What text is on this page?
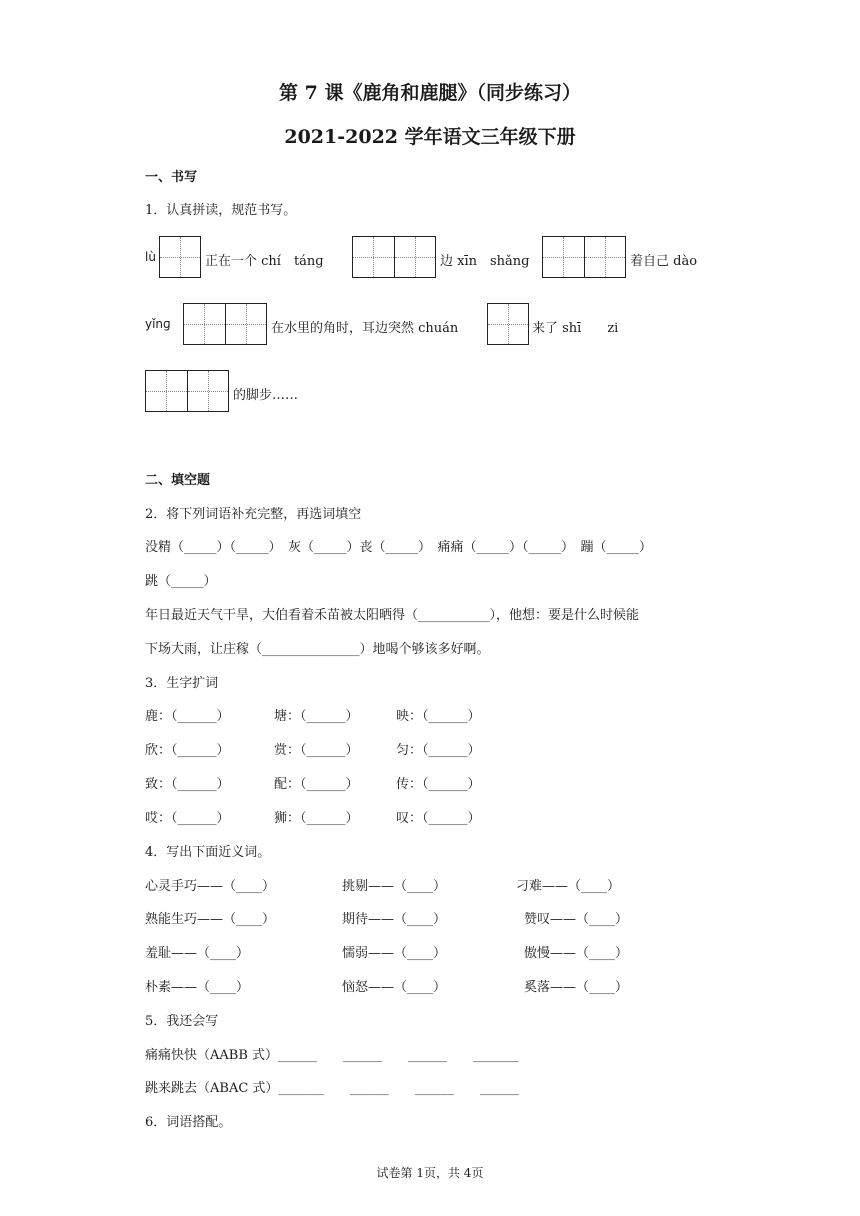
第 7 课《鹿角和鹿腿》（同步练习）
2021-2022 学年语文三年级下册
一、书写
1．认真拼读，规范书写。
lù	正在一个 chí　tánɡ	边 xīn　shǎnɡ	着自己 dào
yǐnɡ	在水里的角时，耳边突然 chuán	来了 shī　　zi
的脚步……
二、填空题
2．将下列词语补充完整，再选词填空
没精（_____）（_____）　灰（_____）丧（_____）　痛痛（_____）（_____）　蹦（_____）
跳（_____）
年日最近天气干旱，大伯看着禾苗被太阳晒得（___________），他想：要是什么时候能
下场大雨，让庄稼（_______________）地喝个够该多好啊。
3．生字扩词
鹿：（______）	塘：（______）	映：（______）
欣：（______）	赏：（______）	匀：（______）
致：（______）	配：（______）	传：（______）
哎：（______）	狮：（______）	叹：（______）
4．写出下面近义词。
心灵手巧——（____）	挑剔——（____）	刁难——（____）
熟能生巧——（____）	期待——（____）	赞叹——（____）
羞耻——（____）	懦弱——（____）	傲慢——（____）
朴素——（____）	恼怒——（____）	奚落——（____）
5．我还会写
痛痛快快（AABB 式）______　　______　　______　　_______
跳来跳去（ABAC 式）_______　　______　　______　　______
6．词语搭配。
试卷第 1页，共 4页
